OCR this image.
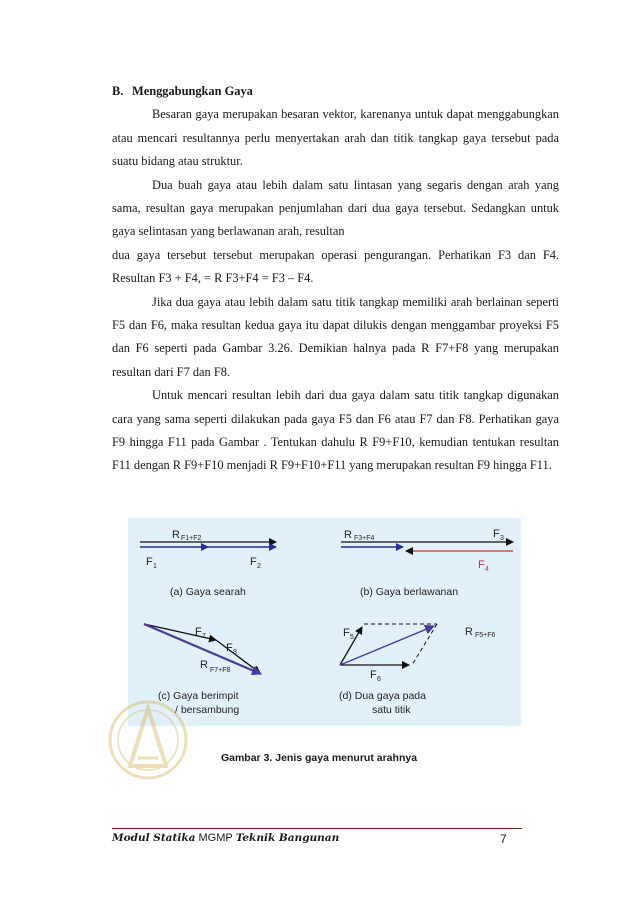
B. Menggabungkan Gaya

Besaran gaya merupakan besaran vektor, karenanya untuk dapat menggabungkan atau mencari resultannya perlu menyertakan arah dan titik tangkap gaya tersebut pada suatu bidang atau struktur.

Dua buah gaya atau lebih dalam satu lintasan yang segaris dengan arah yang sama, resultan gaya merupakan penjumlahan dari dua gaya tersebut. Sedangkan untuk gaya selintasan yang berlawanan arah, resultan

dua gaya tersebut tersebut merupakan operasi pengurangan. Perhatikan F3 dan F4. Resultan F3 + F4, = R F3+F4 = F3 – F4.

Jika dua gaya atau lebih dalam satu titik tangkap memiliki arah berlainan seperti F5 dan F6, maka resultan kedua gaya itu dapat dilukis dengan menggambar proyeksi F5 dan F6 seperti pada Gambar 3.26. Demikian halnya pada R F7+F8 yang merupakan resultan dari F7 dan F8.

Untuk mencari resultan lebih dari dua gaya dalam satu titik tangkap digunakan cara yang sama seperti dilakukan pada gaya F5 dan F6 atau F7 dan F8. Perhatikan gaya F9 hingga F11 pada Gambar . Tentukan dahulu R F9+F10, kemudian tentukan resultan F11 dengan R F9+F10 menjadi R F9+F10+F11 yang merupakan resultan F9 hingga F11.

R F1+F2
F 1	F 2
(a) Gaya searah
R F3+F4	F 3
F 4
(b) Gaya berlawanan
F 7
F 8
R F7+F8
(c) Gaya berimpit
/ bersambung
F 5
F 6
R F5+F6
(d) Dua gaya pada
satu titik
Gambar 3. Jenis gaya menurut arahnya
Modul Statika MGMP Teknik Bangunan	7
